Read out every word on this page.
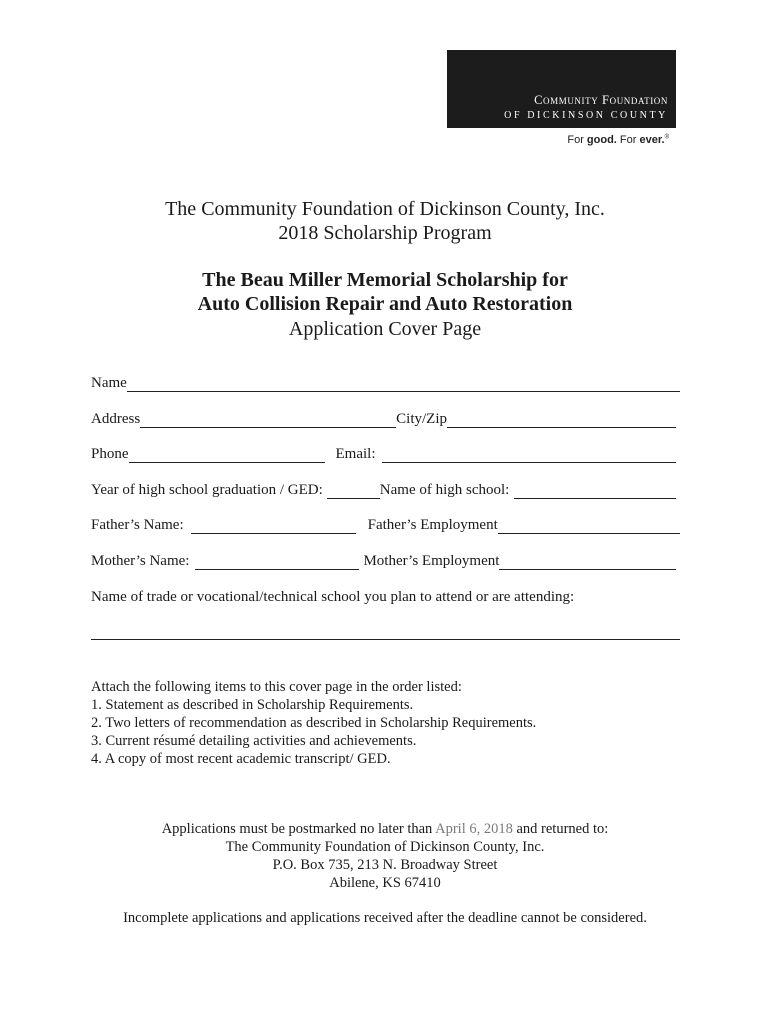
Community Foundation
OF DICKINSON COUNTY
For good. For ever.®
The Community Foundation of Dickinson County, Inc.
2018 Scholarship Program
The Beau Miller Memorial Scholarship for
Auto Collision Repair and Auto Restoration
Application Cover Page
Name
Address	City/Zip
Phone	Email:
Year of high school graduation / GED:	Name of high school:
Father’s Name:	Father’s Employment
Mother’s Name:	Mother’s Employment
Name of trade or vocational/technical school you plan to attend or are attending:
Attach the following items to this cover page in the order listed:
1. Statement as described in Scholarship Requirements.
2. Two letters of recommendation as described in Scholarship Requirements.
3. Current résumé detailing activities and achievements.
4. A copy of most recent academic transcript/ GED.
Applications must be postmarked no later than April 6, 2018 and returned to:
The Community Foundation of Dickinson County, Inc.
P.O. Box 735, 213 N. Broadway Street
Abilene, KS 67410
Incomplete applications and applications received after the deadline cannot be considered.
